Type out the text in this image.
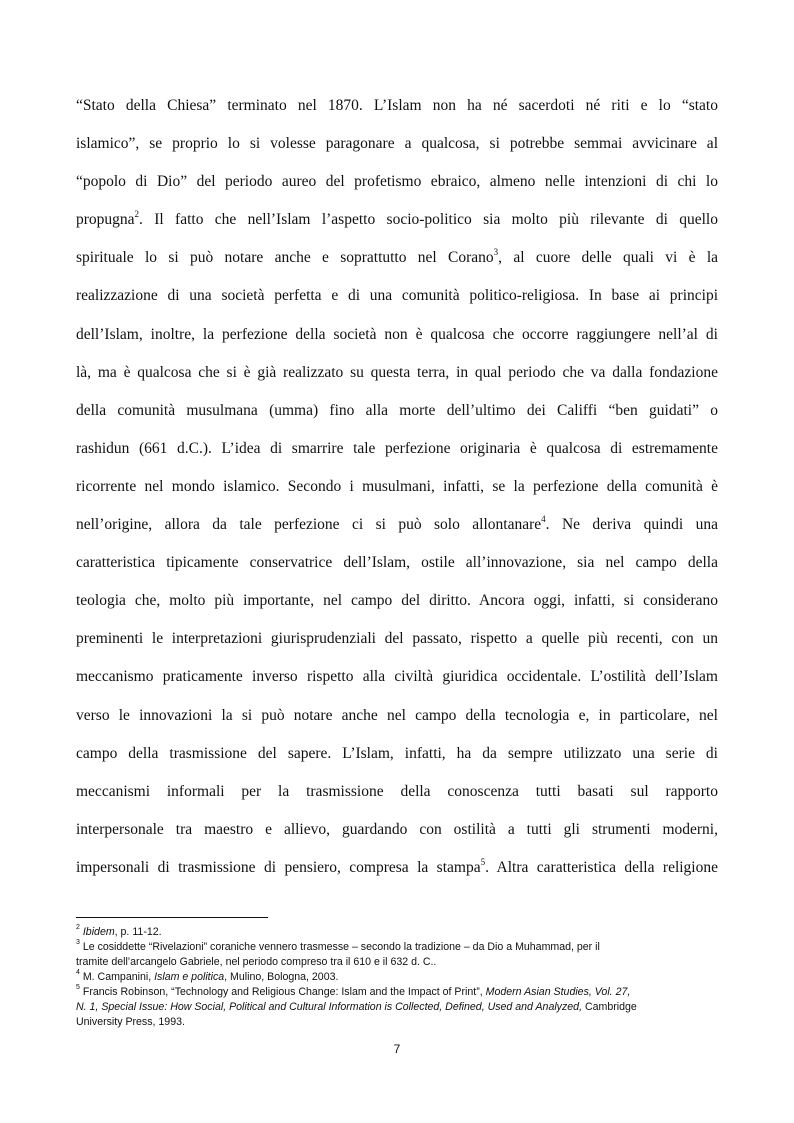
“Stato della Chiesa” terminato nel 1870. L’Islam non ha né sacerdoti né riti e lo “stato
islamico”, se proprio lo si volesse paragonare a qualcosa, si potrebbe semmai avvicinare al
“popolo di Dio” del periodo aureo del profetismo ebraico, almeno nelle intenzioni di chi lo
propugna$^2$. Il fatto che nell’Islam l’aspetto socio-politico sia molto più rilevante di quello
spirituale lo si può notare anche e soprattutto nel Corano$^3$, al cuore delle quali vi è la
realizzazione di una società perfetta e di una comunità politico-religiosa. In base ai principi
dell’Islam, inoltre, la perfezione della società non è qualcosa che occorre raggiungere nell’al di
là, ma è qualcosa che si è già realizzato su questa terra, in qual periodo che va dalla fondazione
della comunità musulmana (umma) fino alla morte dell’ultimo dei Califfi “ben guidati” o
rashidun (661 d.C.). L’idea di smarrire tale perfezione originaria è qualcosa di estremamente
ricorrente nel mondo islamico. Secondo i musulmani, infatti, se la perfezione della comunità è
nell’origine, allora da tale perfezione ci si può solo allontanare$^4$. Ne deriva quindi una
caratteristica tipicamente conservatrice dell’Islam, ostile all’innovazione, sia nel campo della
teologia che, molto più importante, nel campo del diritto. Ancora oggi, infatti, si considerano
preminenti le interpretazioni giurisprudenziali del passato, rispetto a quelle più recenti, con un
meccanismo praticamente inverso rispetto alla civiltà giuridica occidentale. L’ostilità dell’Islam
verso le innovazioni la si può notare anche nel campo della tecnologia e, in particolare, nel
campo della trasmissione del sapere. L’Islam, infatti, ha da sempre utilizzato una serie di
meccanismi informali per la trasmissione della conoscenza tutti basati sul rapporto
interpersonale tra maestro e allievo, guardando con ostilità a tutti gli strumenti moderni,
impersonali di trasmissione di pensiero, compresa la stampa$^5$. Altra caratteristica della religione
$^2$ Ibidem, p. 11-12.
$^3$ Le cosiddette “Rivelazioni” coraniche vennero trasmesse – secondo la tradizione – da Dio a Muhammad, per il
tramite dell’arcangelo Gabriele, nel periodo compreso tra il 610 e il 632 d. C..
$^4$ M. Campanini, Islam e politica, Mulino, Bologna, 2003.
$^5$ Francis Robinson, “Technology and Religious Change: Islam and the Impact of Print”, Modern Asian Studies, Vol. 27,
N. 1, Special Issue: How Social, Political and Cultural Information is Collected, Defined, Used and Analyzed, Cambridge
University Press, 1993.
7
